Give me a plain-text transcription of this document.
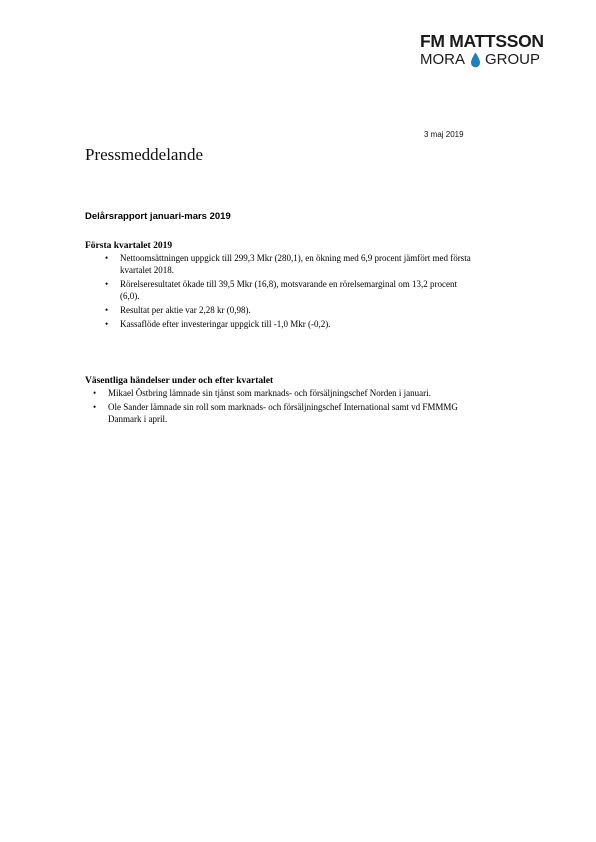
FM MATTSSON
MORA GROUP
3 maj 2019
Pressmeddelande
Delårsrapport januari-mars 2019

Första kvartalet 2019

• Nettoomsättningen uppgick till 299,3 Mkr (280,1), en ökning med 6,9 procent jämfört med första kvartalet 2018.
• Rörelseresultatet ökade till 39,5 Mkr (16,8), motsvarande en rörelsemarginal om 13,2 procent (6,0).
• Resultat per aktie var 2,28 kr (0,98).
• Kassaflöde efter investeringar uppgick till -1,0 Mkr (-0,2).

Väsentliga händelser under och efter kvartalet

• Mikael Östbring lämnade sin tjänst som marknads- och försäljningschef Norden i januari.
• Ole Sander lämnade sin roll som marknads- och försäljningschef International samt vd FMMMG Danmark i april.
